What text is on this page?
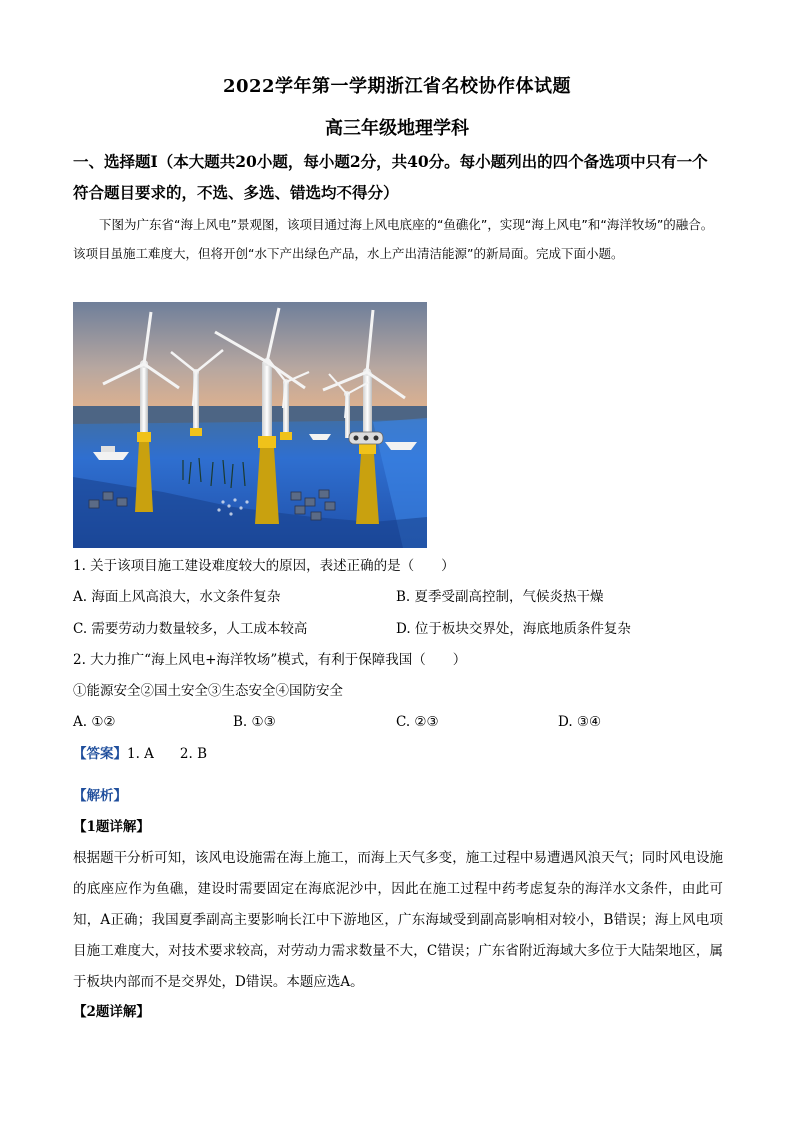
2022学年第一学期浙江省名校协作体试题
高三年级地理学科
一、选择题Ⅰ（本大题共20小题，每小题2分，共40分。每小题列出的四个备选项中只有一个符合题目要求的，不选、多选、错选均不得分）
下图为广东省“海上风电”景观图，该项目通过海上风电底座的“鱼礁化”，实现“海上风电”和“海洋牧场”的融合。该项目虽施工难度大，但将开创“水下产出绿色产品，水上产出清洁能源”的新局面。完成下面小题。
1. 关于该项目施工建设难度较大的原因，表述正确的是（　　）
A. 海面上风高浪大，水文条件复杂	B. 夏季受副高控制，气候炎热干燥
C. 需要劳动力数量较多，人工成本较高	D. 位于板块交界处，海底地质条件复杂
2. 大力推广“海上风电+海洋牧场”模式，有利于保障我国（　　）
①能源安全②国土安全③生态安全④国防安全
A. ①②	B. ①③	C. ②③	D. ③④
【答案】1. A 2. B
【解析】
【1题详解】
根据题干分析可知，该风电设施需在海上施工，而海上天气多变，施工过程中易遭遇风浪天气；同时风电设施的底座应作为鱼礁，建设时需要固定在海底泥沙中，因此在施工过程中药考虑复杂的海洋水文条件，由此可知，A正确；我国夏季副高主要影响长江中下游地区，广东海域受到副高影响相对较小，B错误；海上风电项目施工难度大，对技术要求较高，对劳动力需求数量不大，C错误；广东省附近海域大多位于大陆架地区，属于板块内部而不是交界处，D错误。本题应选A。
【2题详解】
